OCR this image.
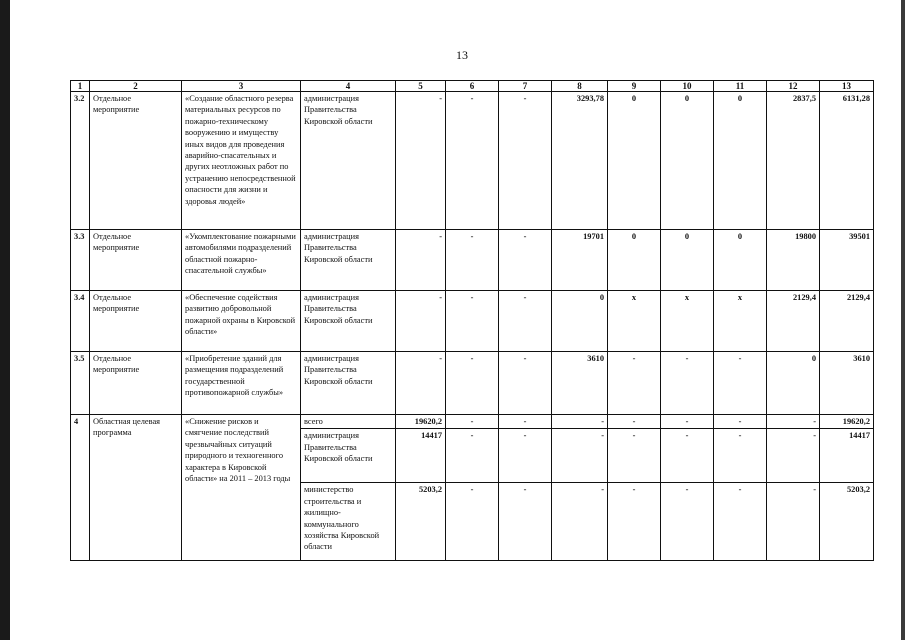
13
1	2	3	4	5	6	7	8	9	10	11	12	13
3.2	Отдельное мероприятие	«Создание областного резерва материальных ресурсов по пожарно-техническому вооружению и имуществу иных видов для проведения аварийно-спасательных и других неотложных работ по устранению непосредственной опасности для жизни и здоровья людей»	администрация Правительства Кировской области	-	-	-	3293,78	0	0	0	2837,5	6131,28
3.3	Отдельное мероприятие	«Укомплектование пожарными автомобилями подразделений областной пожарно-спасательной службы»	администрация Правительства Кировской области	-	-	-	19701	0	0	0	19800	39501
3.4	Отдельное мероприятие	«Обеспечение содействия развитию добровольной пожарной охраны в Кировской области»	администрация Правительства Кировской области	-	-	-	0	x	x	x	2129,4	2129,4
3.5	Отдельное мероприятие	«Приобретение зданий для размещения подразделений государственной противопожарной службы»	администрация Правительства Кировской области	-	-	-	3610	-	-	-	0	3610
4	Областная целевая программа	«Снижение рисков и смягчение последствий чрезвычайных ситуаций природного и техногенного характера в Кировской области» на 2011 – 2013 годы	всего	19620,2	-	-	-	-	-	-	-	19620,2
			администрация Правительства Кировской области	14417	-	-	-	-	-	-	-	14417
			министерство строительства и жилищно-коммунального хозяйства Кировской области	5203,2	-	-	-	-	-	-	-	5203,2
